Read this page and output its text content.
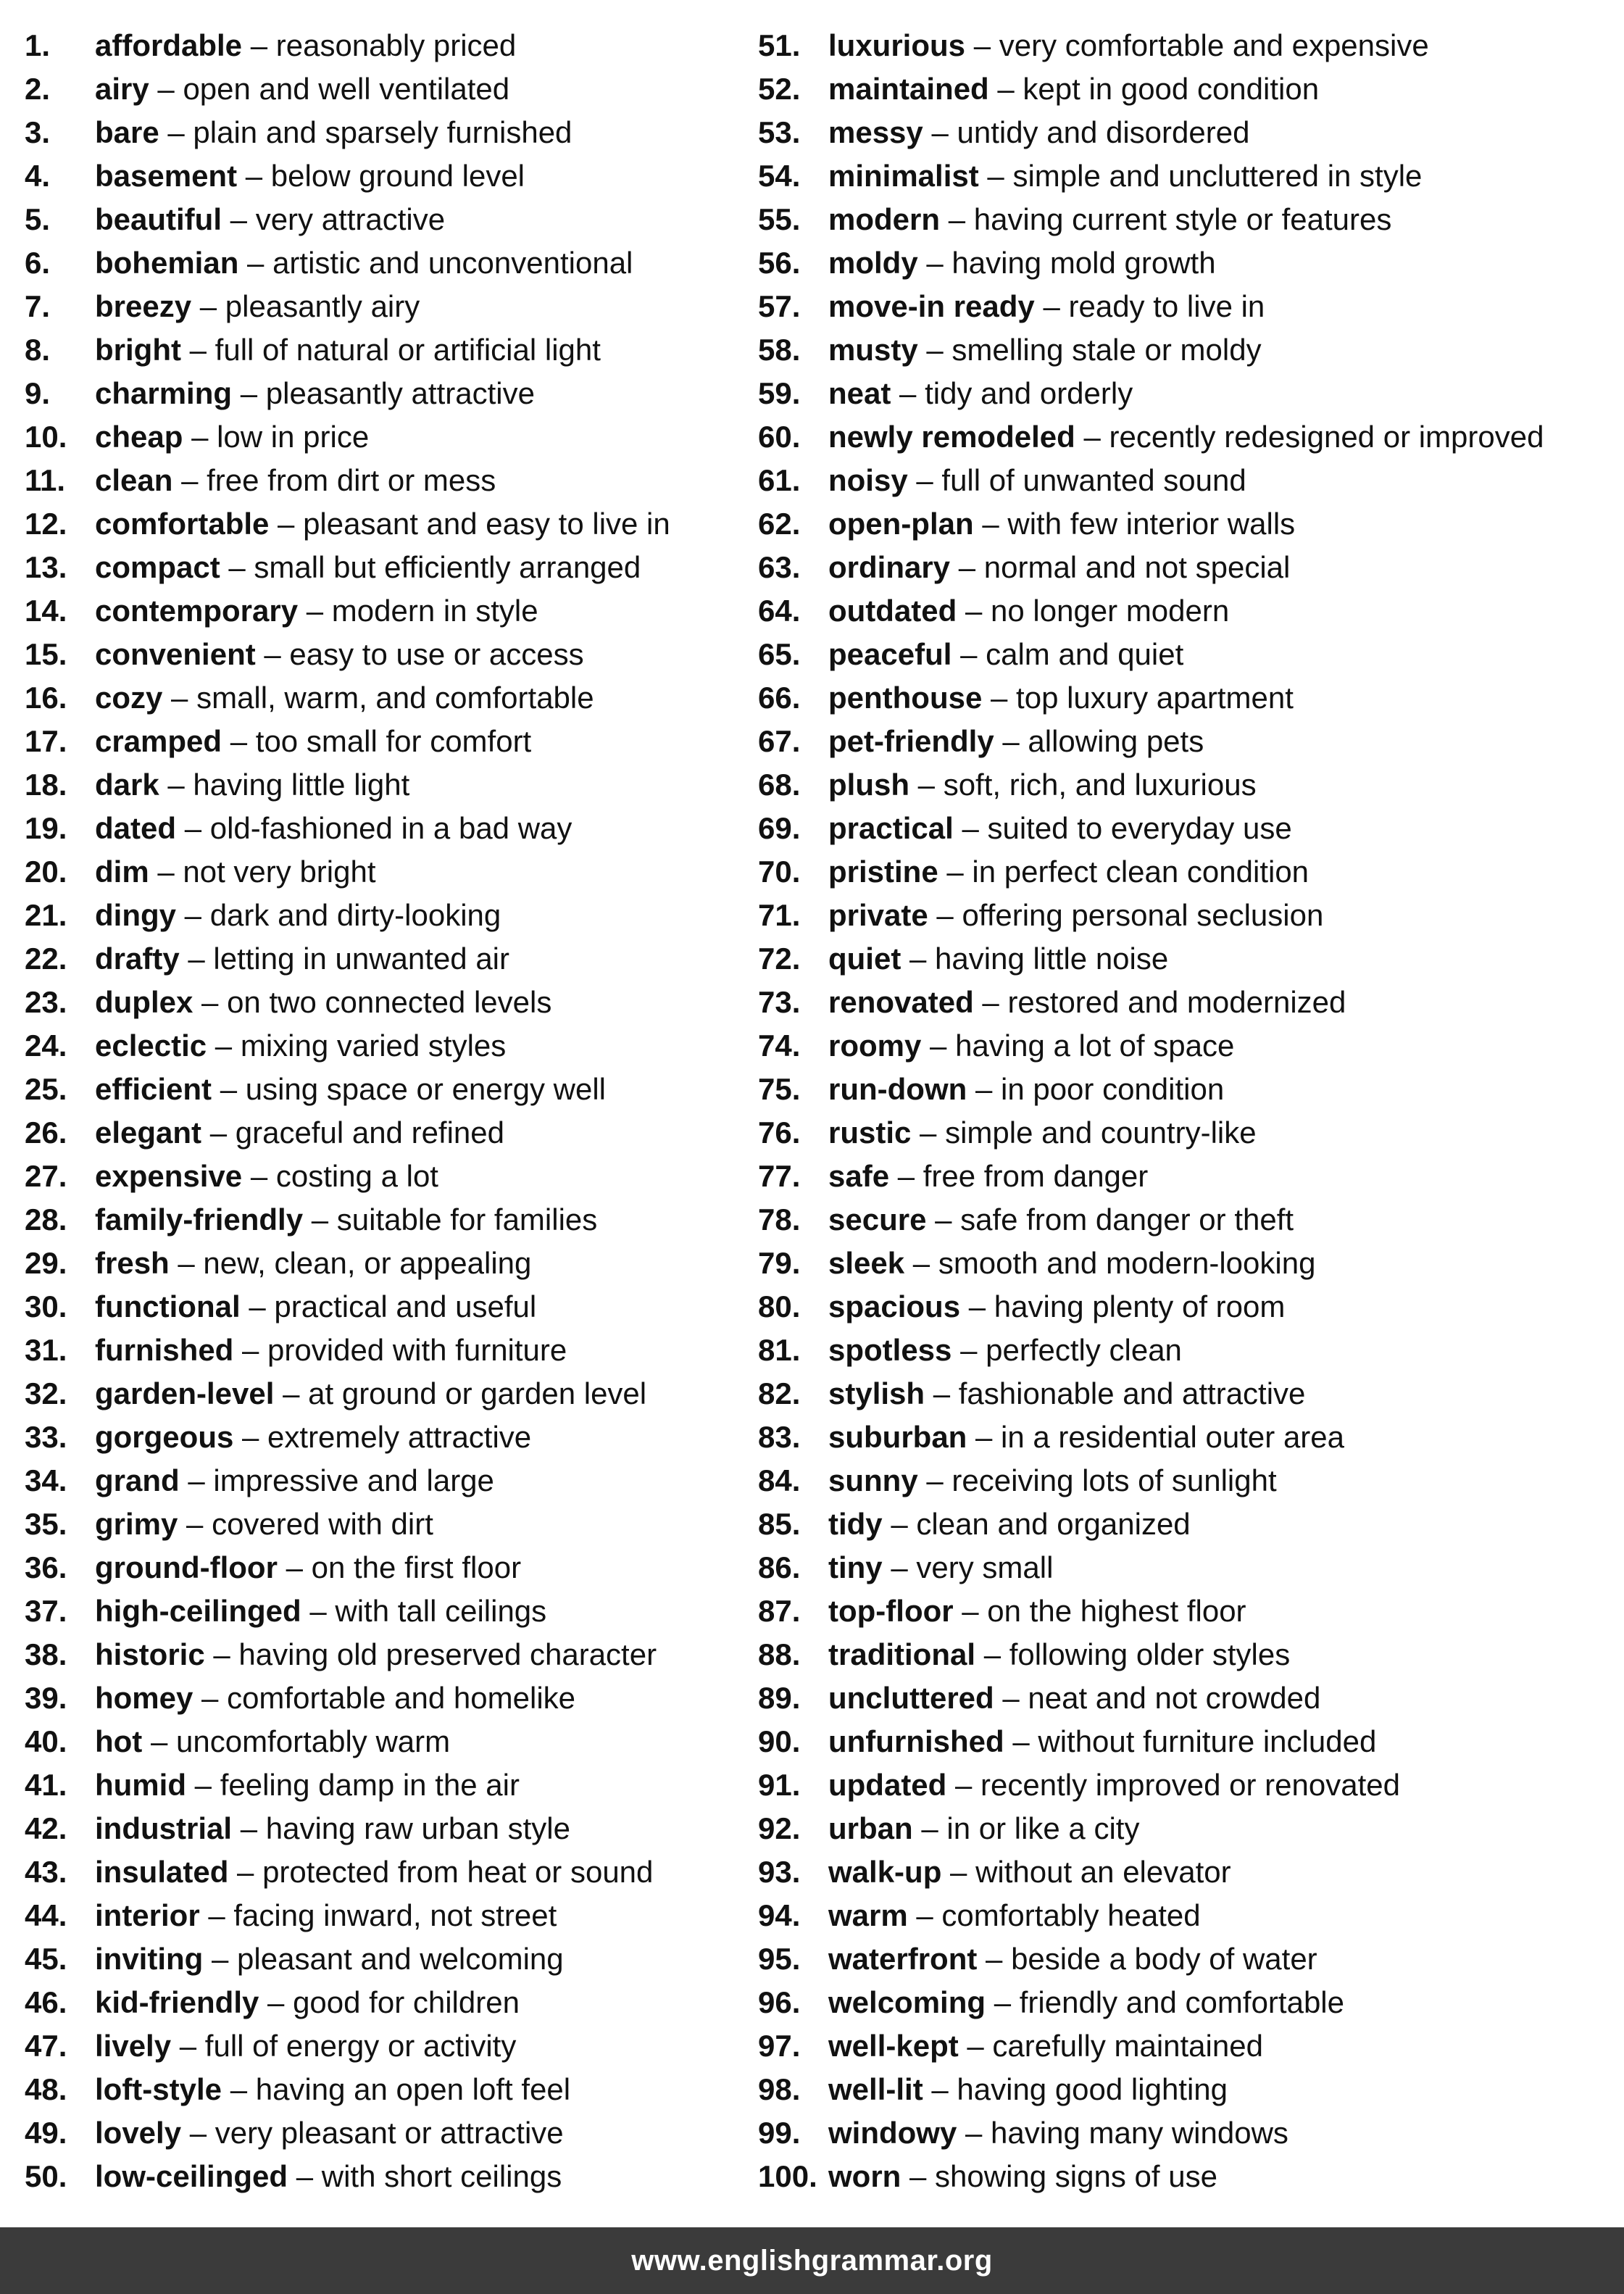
1. affordable – reasonably priced
2. airy – open and well ventilated
3. bare – plain and sparsely furnished
4. basement – below ground level
5. beautiful – very attractive
6. bohemian – artistic and unconventional
7. breezy – pleasantly airy
8. bright – full of natural or artificial light
9. charming – pleasantly attractive
10. cheap – low in price
11. clean – free from dirt or mess
12. comfortable – pleasant and easy to live in
13. compact – small but efficiently arranged
14. contemporary – modern in style
15. convenient – easy to use or access
16. cozy – small, warm, and comfortable
17. cramped – too small for comfort
18. dark – having little light
19. dated – old-fashioned in a bad way
20. dim – not very bright
21. dingy – dark and dirty-looking
22. drafty – letting in unwanted air
23. duplex – on two connected levels
24. eclectic – mixing varied styles
25. efficient – using space or energy well
26. elegant – graceful and refined
27. expensive – costing a lot
28. family-friendly – suitable for families
29. fresh – new, clean, or appealing
30. functional – practical and useful
31. furnished – provided with furniture
32. garden-level – at ground or garden level
33. gorgeous – extremely attractive
34. grand – impressive and large
35. grimy – covered with dirt
36. ground-floor – on the first floor
37. high-ceilinged – with tall ceilings
38. historic – having old preserved character
39. homey – comfortable and homelike
40. hot – uncomfortably warm
41. humid – feeling damp in the air
42. industrial – having raw urban style
43. insulated – protected from heat or sound
44. interior – facing inward, not street
45. inviting – pleasant and welcoming
46. kid-friendly – good for children
47. lively – full of energy or activity
48. loft-style – having an open loft feel
49. lovely – very pleasant or attractive
50. low-ceilinged – with short ceilings
51. luxurious – very comfortable and expensive
52. maintained – kept in good condition
53. messy – untidy and disordered
54. minimalist – simple and uncluttered in style
55. modern – having current style or features
56. moldy – having mold growth
57. move-in ready – ready to live in
58. musty – smelling stale or moldy
59. neat – tidy and orderly
60. newly remodeled – recently redesigned or improved
61. noisy – full of unwanted sound
62. open-plan – with few interior walls
63. ordinary – normal and not special
64. outdated – no longer modern
65. peaceful – calm and quiet
66. penthouse – top luxury apartment
67. pet-friendly – allowing pets
68. plush – soft, rich, and luxurious
69. practical – suited to everyday use
70. pristine – in perfect clean condition
71. private – offering personal seclusion
72. quiet – having little noise
73. renovated – restored and modernized
74. roomy – having a lot of space
75. run-down – in poor condition
76. rustic – simple and country-like
77. safe – free from danger
78. secure – safe from danger or theft
79. sleek – smooth and modern-looking
80. spacious – having plenty of room
81. spotless – perfectly clean
82. stylish – fashionable and attractive
83. suburban – in a residential outer area
84. sunny – receiving lots of sunlight
85. tidy – clean and organized
86. tiny – very small
87. top-floor – on the highest floor
88. traditional – following older styles
89. uncluttered – neat and not crowded
90. unfurnished – without furniture included
91. updated – recently improved or renovated
92. urban – in or like a city
93. walk-up – without an elevator
94. warm – comfortably heated
95. waterfront – beside a body of water
96. welcoming – friendly and comfortable
97. well-kept – carefully maintained
98. well-lit – having good lighting
99. windowy – having many windows
100. worn – showing signs of use
www.englishgrammar.org
